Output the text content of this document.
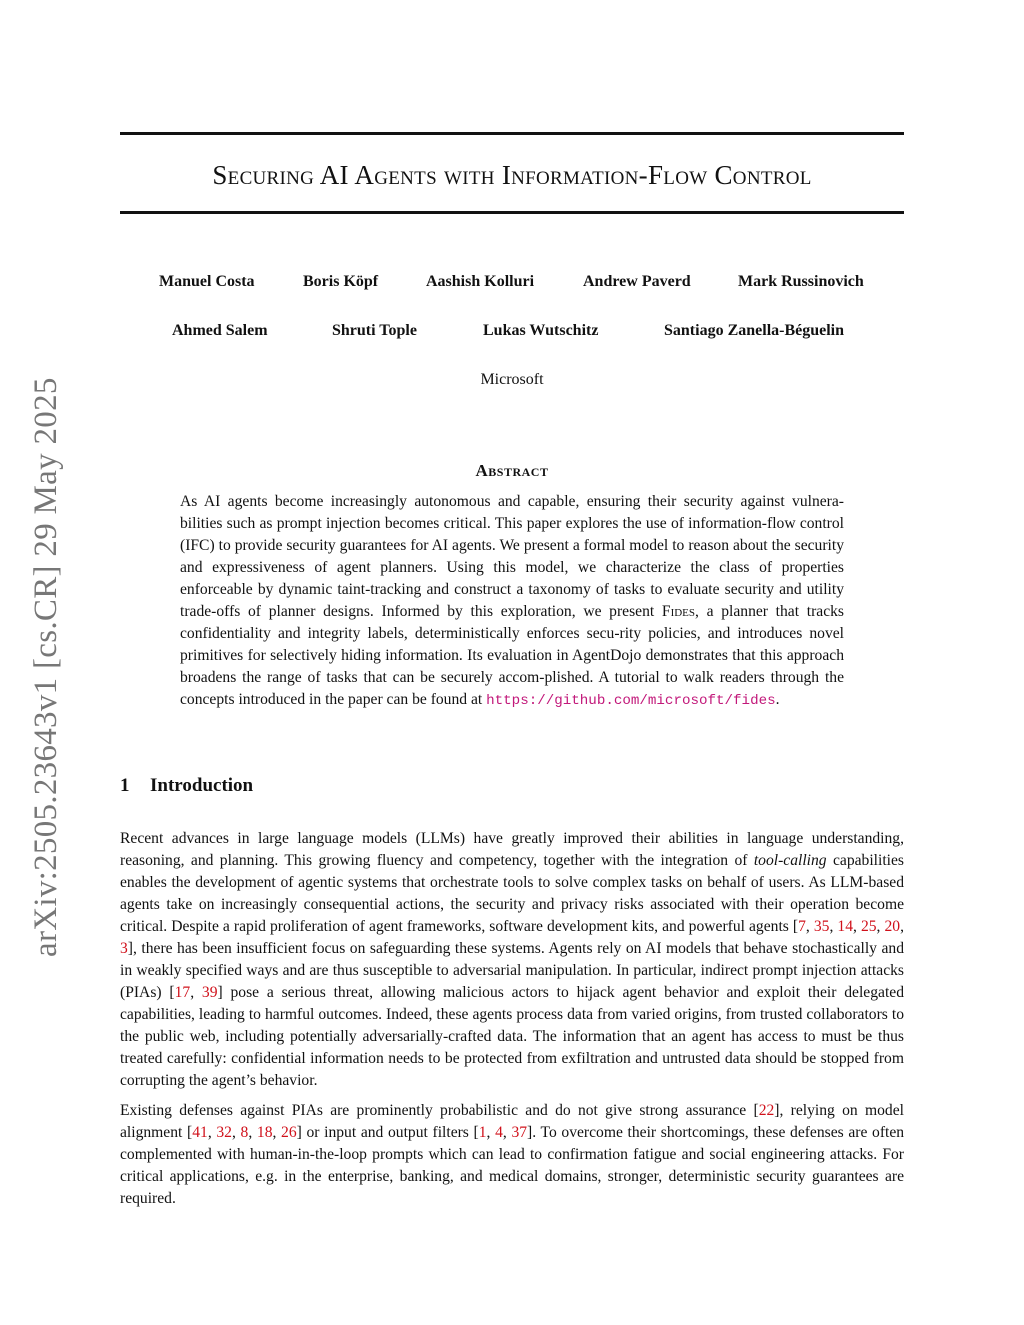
arXiv:2505.23643v1 [cs.CR] 29 May 2025
Securing AI Agents with Information-Flow Control
Manuel Costa	Boris Köpf	Aashish Kolluri	Andrew Paverd	Mark Russinovich
Ahmed Salem	Shruti Tople	Lukas Wutschitz	Santiago Zanella-Béguelin
Microsoft
Abstract

As AI agents become increasingly autonomous and capable, ensuring their security against vulnera-bilities such as prompt injection becomes critical. This paper explores the use of information-flow control (IFC) to provide security guarantees for AI agents. We present a formal model to reason about the security and expressiveness of agent planners. Using this model, we characterize the class of properties enforceable by dynamic taint-tracking and construct a taxonomy of tasks to evaluate security and utility trade-offs of planner designs. Informed by this exploration, we present Fides, a planner that tracks confidentiality and integrity labels, deterministically enforces secu-rity policies, and introduces novel primitives for selectively hiding information. Its evaluation in AgentDojo demonstrates that this approach broadens the range of tasks that can be securely accom-plished. A tutorial to walk readers through the concepts introduced in the paper can be found at https://github.com/microsoft/fides.

1 Introduction

Recent advances in large language models (LLMs) have greatly improved their abilities in language understanding, reasoning, and planning. This growing fluency and competency, together with the integration of tool-calling capabilities enables the development of agentic systems that orchestrate tools to solve complex tasks on behalf of users. As LLM-based agents take on increasingly consequential actions, the security and privacy risks associated with their operation become critical. Despite a rapid proliferation of agent frameworks, software development kits, and powerful agents [7, 35, 14, 25, 20, 3], there has been insufficient focus on safeguarding these systems. Agents rely on AI models that behave stochastically and in weakly specified ways and are thus susceptible to adversarial manipulation. In particular, indirect prompt injection attacks (PIAs) [17, 39] pose a serious threat, allowing malicious actors to hijack agent behavior and exploit their delegated capabilities, leading to harmful outcomes. Indeed, these agents process data from varied origins, from trusted collaborators to the public web, including potentially adversarially-crafted data. The information that an agent has access to must be thus treated carefully: confidential information needs to be protected from exfiltration and untrusted data should be stopped from corrupting the agent’s behavior.

Existing defenses against PIAs are prominently probabilistic and do not give strong assurance [22], relying on model alignment [41, 32, 8, 18, 26] or input and output filters [1, 4, 37]. To overcome their shortcomings, these defenses are often complemented with human-in-the-loop prompts which can lead to confirmation fatigue and social engineering attacks. For critical applications, e.g. in the enterprise, banking, and medical domains, stronger, deterministic security guarantees are required.
